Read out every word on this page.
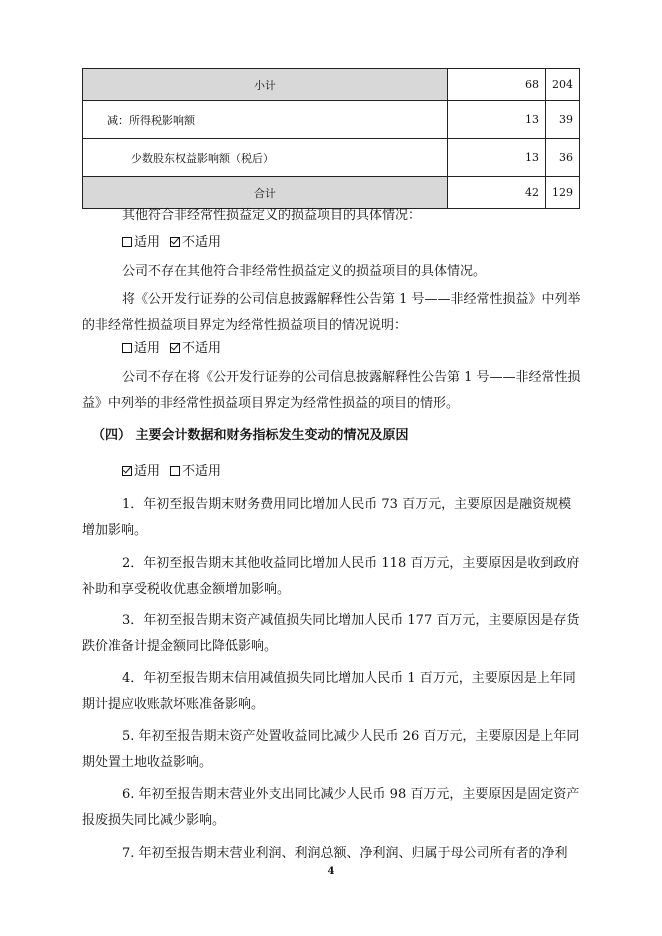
小计	68	204
减：所得税影响额	13	39
少数股东权益影响额（税后）	13	36
合计	42	129

其他符合非经常性损益定义的损益项目的具体情况：

适用 不适用

公司不存在其他符合非经常性损益定义的损益项目的具体情况。

将《公开发行证券的公司信息披露解释性公告第 1 号——非经常性损益》中列举的非经常性损益项目界定为经常性损益项目的情况说明：

适用 不适用

公司不存在将《公开发行证券的公司信息披露解释性公告第 1 号——非经常性损益》中列举的非经常性损益项目界定为经常性损益的项目的情形。

（四） 主要会计数据和财务指标发生变动的情况及原因
适用 不适用

1．年初至报告期末财务费用同比增加人民币 73 百万元，主要原因是融资规模增加影响。

2．年初至报告期末其他收益同比增加人民币 118 百万元，主要原因是收到政府补助和享受税收优惠金额增加影响。

3．年初至报告期末资产减值损失同比增加人民币 177 百万元，主要原因是存货跌价准备计提金额同比降低影响。

4．年初至报告期末信用减值损失同比增加人民币 1 百万元，主要原因是上年同期计提应收账款坏账准备影响。

5. 年初至报告期末资产处置收益同比减少人民币 26 百万元，主要原因是上年同期处置土地收益影响。

6. 年初至报告期末营业外支出同比减少人民币 98 百万元，主要原因是固定资产报废损失同比减少影响。

7. 年初至报告期末营业利润、利润总额、净利润、归属于母公司所有者的净利

4
